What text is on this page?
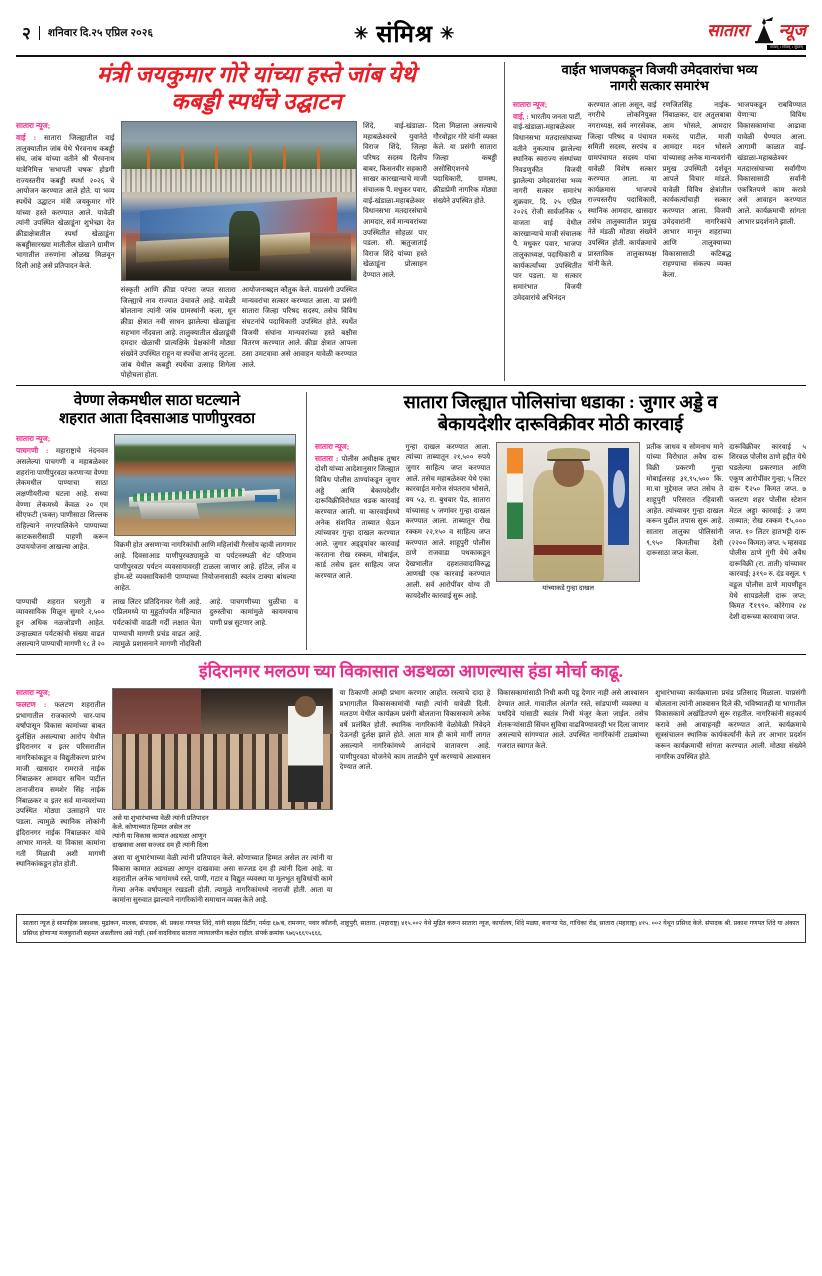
२	शनिवार दि.२५ एप्रिल २०२६	✳ संमिश्र ✳	सातारा न्यूज
सत्यम् । शिवम् । सुंदरम्
मंत्री जयकुमार गोरे यांच्या हस्ते जांब येथे
कबड्डी स्पर्धेचे उद्घाटन
सातारा न्यूज;

वाई : सातारा जिल्ह्यातील वाई तालुक्यातील जांब येथे भैरवनाथ कबड्डी संघ, जांब यांच्या वतीने श्री भैरवनाथ यात्रेनिमित्त 'सभापती चषक' होडगी राज्यस्तरीय कबड्डी स्पर्धा २०२६ चे आयोजन करण्यात आले होते. या भव्य स्पर्धेचे उद्घाटन मंत्री जयकुमार गोरे यांच्या हस्ते करण्यात आले. यावेळी त्यांनी उपस्थित खेळाडूंना शुभेच्छा देत क्रीडाक्षेत्रातील स्पर्धा खेळाडूंना कबड्डीसारख्या मातीतील खेळाने ग्रामीण भागातील तरुणांना ओळख मिळवून दिली आहे असे प्रतिपादन केले.

संस्कृती आणि क्रीडा परंपरा जपत सातारा जिल्ह्याचे नाव राज्यात उंचावले आहे. यावेळी बोलताना त्यांनी जांब ग्रामस्थांनी कला, धून क्रीडा क्षेत्रात नवी साधन झालेल्या खेळाडूंना सहभाग नोंदवला आहे. तालुक्यातील खेळाडूंची दमदार खेळाची प्रात्यक्षिके प्रेक्षकांनी मोठ्या संख्येने उपस्थित राहून या स्पर्धेचा आनंद लुटला. जांब येथील कबड्डी स्पर्धेचा उत्साह शिगेला पोहोचला होता.

आयोजनाबद्दल कौतुक केले. याप्रसंगी उपस्थित मान्यवरांचा सत्कार करण्यात आला. या प्रसंगी सातारा जिल्हा परिषद सदस्य, तसेच विविध संघटनांचे पदाधिकारी उपस्थित होते. स्पर्धेत विजयी संघांना मान्यवरांच्या हस्ते बक्षीस वितरण करण्यात आले. क्रीडा क्षेत्रात आपला ठसा उमटवावा असे आवाहन यावेळी करण्यात आले.

शिंदे, वाई-खंडाळा-महाबळेश्वरचे युवानेते विराज शिंदे, जिल्हा परिषद सदस्य दिलीप बाबर, किसनवीर सहकारी साखर कारखान्याचे माजी संचालक पै. मधुकर पवार, वाई-खंडाळा-महाबळेश्वर विधानसभा मतदारसंघाचे आमदार, सर्व मान्यवरांच्या उपस्थितीत सोहळा पार पडला. सौ. ऋतुजाताई विराज शिंदे यांच्या हस्ते खेळाडूंना प्रोत्साहन देण्यात आले.

दिला मिळाला असल्याचे गौरवोद्गार गोरे यांनी व्यक्त केले. या प्रसंगी सातारा जिल्हा कबड्डी असोसिएशनचे पदाधिकारी, ग्रामस्थ, क्रीडाप्रेमी नागरिक मोठ्या संख्येने उपस्थित होते.

वाईत भाजपकडून विजयी उमेदवारांचा भव्य
नागरी सत्कार समारंभ
सातारा न्यूज;

वाई, : भारतीय जनता पार्टी, वाई-खंडाळा-महाबळेश्वर विधानसभा मतदारसंघाच्या वतीने नुकत्याच झालेल्या स्थानिक स्वराज्य संस्थांच्या निवडणुकीत विजयी झालेल्या उमेदवारांचा भव्य नागरी सत्कार समारंभ शुक्रवार, दि. २५ एप्रिल २०२६ रोजी सार्वजनिक ५ वाजता वाई येथील कारखान्याचे माजी संचालक पै. मधुकर पवार, भाजपा तालुकाध्यक्ष, पदाधिकारी व कार्यकर्त्यांच्या उपस्थितीत पार पडला. या सत्कार समारंभात विजयी उमेदवारांचे अभिनंदन

करण्यात आला असून, वाई नगरीचे लोकनियुक्त नगराध्यक्ष, सर्व नगरसेवक, जिल्हा परिषद व पंचायत समिती सदस्य, सरपंच व ग्रामपंचायत सदस्य यांचा यावेळी विशेष सत्कार करण्यात आला. या कार्यक्रमास भाजपचे राज्यस्तरीय पदाधिकारी, स्थानिक आमदार, खासदार तसेच तालुक्यातील प्रमुख नेते मंडळी मोठ्या संख्येने उपस्थित होती. कार्यक्रमाचे प्रास्ताविक तालुकाध्यक्ष यांनी केले.

रणजितसिंह नाईक-निंबाळकर, दार अतुलबाबा आम भोसले, आमदार मकरंद पाटील, माजी आमदार मदन भोसले यांच्यासह अनेक मान्यवरांनी प्रमुख उपस्थिती दर्शवून आपले विचार मांडले. यावेळी विविध क्षेत्रांतील कार्यकर्त्यांचाही सत्कार करण्यात आला. विजयी उमेदवारांनी नागरिकांचे आभार मानून शहराच्या आणि तालुक्याच्या विकासासाठी कटिबद्ध राहण्याचा संकल्प व्यक्त केला.

भाजपकडून राबविण्यात येणाऱ्या विविध विकासकामांचा आढावा यावेळी घेण्यात आला. आगामी काळात वाई-खंडाळा-महाबळेश्वर मतदारसंघाच्या सर्वांगीण विकासासाठी सर्वांनी एकत्रितपणे काम करावे असे आवाहन करण्यात आले. कार्यक्रमाची सांगता आभार प्रदर्शनाने झाली.

वेण्णा लेकमधील साठा घटल्याने
शहरात आता दिवसाआड पाणीपुरवठा
सातारा न्यूज;

पाचगणी : महाराष्ट्राचे नंदनवन असलेल्या पाचगणी व महाबळेश्वर शहरांना पाणीपुरवठा करणाऱ्या वेण्णा लेकमधील पाण्याचा साठा लक्षणीयरीत्या घटला आहे. सध्या वेण्णा लेकमध्ये केवळ २० एम सीएफटी (फक्त) पाणीसाठा शिल्लक राहिल्याने नगरपालिकेने पाण्याच्या काटकसरीसाठी पाहणी करून उपाययोजना आखल्या आहेत.	विक्रमी होत असणाऱ्या नागरिकांची आणि महिलांची गैरसोय व्हावी लागणार आहे. दिवसाआड पाणीपुरवठ्यामुळे या पर्यटनस्थळी थेट परिणाम पाणीपुरवठा पर्यटन व्यवसायावरही टाळला जाणार आहे. हॉटेल, लॉज व होम-स्टे व्यवसायिकांनी पाण्याच्या नियोजनासाठी स्वतंत्र टाक्या बांधल्या आहेत.

पाण्याची शहरात घरगुती व व्यावसायिक मिळून सुमारे २,५०० हून अधिक नळजोडणी आहेत. उन्हाळ्यात पर्यटकांची संख्या वाढत असल्याने पाण्याची मागणी १८ ते २० लाख लिटर प्रतिदिनावर गेली आहे. एप्रिलमध्ये या मुहूर्तापर्यंत महिन्यात पर्यटकांची वाढती गर्दी लक्षात घेता पाण्याची मागणी प्रचंड वाढत आहे. त्यामुळे प्रशासनाने मागणी नोंदविली आहे. पाचगणीच्या धुळीचा व दुरुस्तीचा कामांमुळे कायमचाच पाणी प्रश्न सुटणार आहे.

सातारा जिल्ह्यात पोलिसांचा धडाका : जुगार अड्डे व
बेकायदेशीर दारूविक्रीवर मोठी कारवाई
सातारा न्यूज;

सातारा : पोलीस अधीक्षक तुषार दोशी यांच्या आदेशानुसार जिल्ह्यात विविध पोलीस ठाण्यांकडून जुगार अड्डे आणि बेकायदेशीर दारूविक्रीविरोधात धडक कारवाई करण्यात आली. या कारवाईमध्ये अनेक संशयित ताब्यात घेऊन त्यांच्यावर गुन्हा दाखल करण्यात आले. जुगार अड्ड्यांवर कारवाई करताना रोख रक्कम, मोबाईल, कार्ड तसेच इतर साहित्य जप्त करण्यात आले.

गुन्हा दाखल करण्यात आला. त्यांच्या ताब्यातून २१,५०० रुपये जुगार साहित्य जप्त करण्यात आले. तसेच महाबळेश्वर येथे एका कारवाईत मनोज संपतराव भोसले, वय ५३, रा. बुधवार पेठ, सातारा यांच्यासह ५ जणांवर गुन्हा दाखल करण्यात आला. ताब्यातून रोख रक्कम २२,१५० व साहित्य जप्त करण्यात आले. शाहूपुरी पोलीस ठाणे राजवाडा पथकाकडून देखभालीत दहशतवादाविरुद्ध आणखी एक कारवाई करण्यात आली. सर्व आरोपींवर योग्य ती कायदेशीर कारवाई सुरू आहे.

यांच्याकडे गुन्हा दाखल

प्रतीक जाधव व सोमनाथ माने यांच्या विरोधात अवैध दारू विक्री प्रकरणी गुन्हा मोबाईलसह ३१,९५,५०० कि. मा.चा मुद्देमाल जप्त तसेच ते शाहूपुरी परिसरात रहिवासी आहेत. त्यांच्यावर गुन्हा दाखल करून पुढील तपास सुरू आहे. सातारा तालुका पोलिसांनी ९,९५० किमतीचा देशी दारूसाठा जप्त केला.

दारूविक्रीवर कारवाई ५ शिरवळ पोलीस ठाणे हद्दीत येथे घडलेल्या प्रकरणात आणि एकूण आरोपींवर गुन्हा; ५ लिटर दारू ₹२५० किमत जप्त. ७ फलटण शहर पोलीस स्टेशन मेटल अड्डा कारवाई: ३ जण ताब्यात; रोख रक्कम ₹५,००० जप्त. १० लिटर हातभट्टी दारू (२२०० किमत) जप्त. ५ म्हसवड पोलीस ठाणे गुंगी येथे अवैध दारूविक्री (रा. ताती) यांच्यावर कारवाई; ३१९० रु. दंड वसूल. ९ वडूज पोलीस ठाणे मायणीहून येथे सापडलेली दारू जप्त; किमत ₹१९९०. कोरेगाव २४ देशी दारूच्या कारवाया जप्त.

इंदिरानगर मलठण च्या विकासात अडथळा आणल्यास हंडा मोर्चा काढू.
सातारा न्यूज;

फलटण : फलटण शहरातील प्रभागातील राजकारणे चार-पाच वर्षांपासून विकास कामांच्या बाबत दुर्लक्षित असल्याचा आरोप येथील इंदिरानगर व इतर परिसरातील नागरिकांकडून व विद्युतीकरण प्रारंभ माजी खासदार रामराजे नाईक निंबाळकर आमदार सचिन पाटील तानाजीराव समशेर सिंह नाईक निंबाळकर व इतर सर्व मान्यवरांच्या उपस्थित मोठ्या उत्साहाने पार पडला. त्यामुळे स्थानिक लोकांनी इंदिरानगर नाईक निंबाळकर यांचे आभार मानले. या विकास कामांना गती मिळावी अशी मागणी स्थानिकांकडून होत होती.

असे या शुभारंभाच्या वेळी त्यांनी प्रतिपादन
केले. कोणाच्यात हिम्मत असेल तर
त्यांनी या विकास कामात अडथळा आणून
दाखवावा असा सज्जड दम ही त्यांनी दिला

अशा या शुभारंभाच्या वेळी त्यांनी प्रतिपादन केले. कोणाच्यात हिम्मत असेल तर त्यांनी या विकास कामात अडथळा आणून दाखवावा असा सज्जड दम ही त्यांनी दिला आहे. या शहरातील अनेक भागांमध्ये रस्ते, पाणी, गटार व विद्युत व्यवस्था या मूलभूत सुविधांची कामे गेल्या अनेक वर्षांपासून रखडली होती. त्यामुळे नागरिकांमध्ये नाराजी होती. आता या कामांना सुरुवात झाल्याने नागरिकांनी समाधान व्यक्त केले आहे.

या ठिकाणी आम्ही प्रभाग करणार आहोत. रस्त्याचे दादा हे प्रभागातील विकासकामांची ग्वाही त्यांनी यावेळी दिली. मलठण येथील कार्यक्रम प्रसंगी बोलताना विकासकामे अनेक वर्षे प्रलंबित होती. स्थानिक नागरिकांनी वेळोवेळी निवेदने देऊनही दुर्लक्ष झाले होते. आता मात्र ही कामे मार्गी लागत असल्याने नागरिकांमध्ये आनंदाचे वातावरण आहे. पाणीपुरवठा योजनेचे काम तातडीने पूर्ण करण्याचे आश्वासन देण्यात आले.

विकासकामांसाठी निधी कमी पडू देणार नाही असे आश्वासन देण्यात आले. गावातील अंतर्गत रस्ते, सांडपाणी व्यवस्था व पथदिवे यांसाठी स्वतंत्र निधी मंजूर केला जाईल. तसेच शेतकऱ्यांसाठी सिंचन सुविधा वाढविण्यावरही भर दिला जाणार असल्याचे सांगण्यात आले. उपस्थित नागरिकांनी टाळ्यांच्या गजरात स्वागत केले.

शुभारंभाच्या कार्यक्रमाला प्रचंड प्रतिसाद मिळाला. याप्रसंगी बोलताना त्यांनी आश्वासन दिले की, भविष्यातही या भागातील विकासकामे अखंडितपणे सुरू राहतील. नागरिकांनी सहकार्य करावे असे आवाहनही करण्यात आले. कार्यक्रमाचे सूत्रसंचालन स्थानिक कार्यकर्त्यांनी केले तर आभार प्रदर्शन करून कार्यक्रमाची सांगता करण्यात आली. मोठ्या संख्येने नागरिक उपस्थित होते.

सातारा न्यूज हे सामाहिक प्रकाशक, मुद्रांकन, मालक, संपादक, श्री. प्रकाश गणपत शिंदे, यांनी साहस प्रिंटींग, नर्मदा ६७/ब, रामनगर, पवार कॉलनी, शाहूपुरी, सातारा. (महाराष्ट्र) ४१५.००२ येथे मुद्रित करून सातारा न्यूज, कार्यालय, शिंदे मळ्या, बनाऱ्या पेठ, गांधिका रोड, सातारा (महाराष्ट्र) ४१५. ००२ येथून प्रसिध्द केले. संपादक श्री. प्रकाश गणपत शिंदे या अंकात प्रसिध्द होणाऱ्या मजकुराशी सहमत असतीलच असे नाही. (सर्व वादविवाद सातारा न्यायालयीन कक्षेत राहील. संपर्क क्रमांक ९७६५६६९५६६६.
